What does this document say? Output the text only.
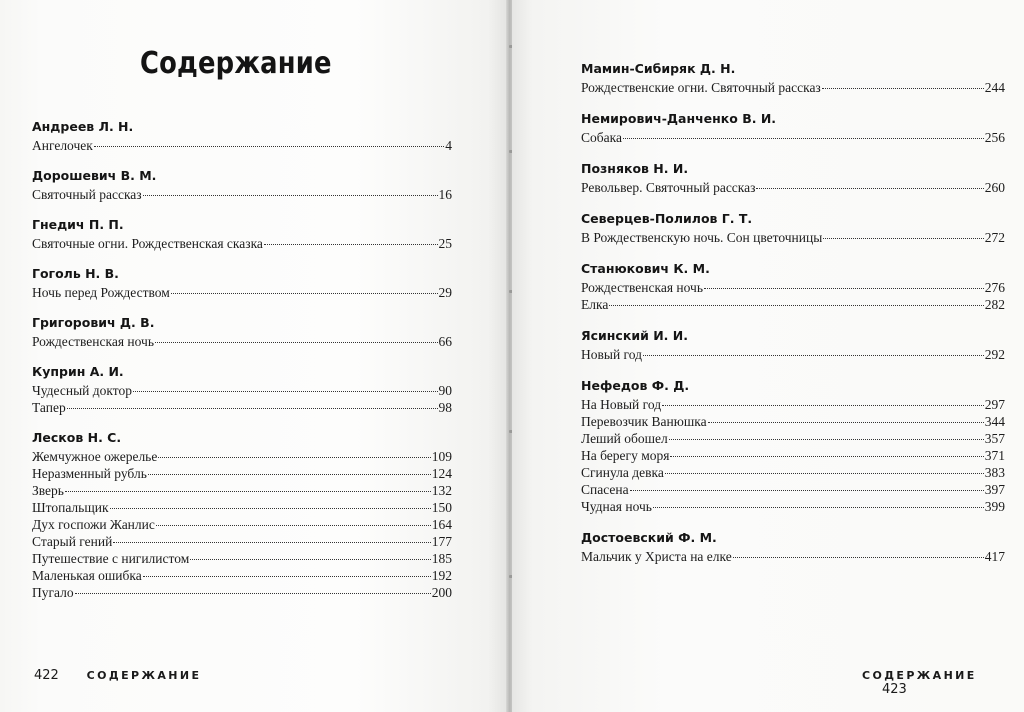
Содержание
Андреев Л. Н.
Ангелочек	4
Дорошевич В. М.
Святочный рассказ	16
Гнедич П. П.
Святочные огни. Рождественская сказка	25
Гоголь Н. В.
Ночь перед Рождеством	29
Григорович Д. В.
Рождественская ночь	66
Куприн А. И.
Чудесный доктор	90
Тапер	98
Лесков Н. С.
Жемчужное ожерелье	109
Неразменный рубль	124
Зверь	132
Штопальщик	150
Дух госпожи Жанлис	164
Старый гений	177
Путешествие с нигилистом	185
Маленькая ошибка	192
Пугало	200
422	СОДЕРЖАНИЕ
Мамин-Сибиряк Д. Н.
Рождественские огни. Святочный рассказ	244
Немирович-Данченко В. И.
Собака	256
Позняков Н. И.
Револьвер. Святочный рассказ	260
Северцев-Полилов Г. Т.
В Рождественскую ночь. Сон цветочницы	272
Станюкович К. М.
Рождественская ночь	276
Елка	282
Ясинский И. И.
Новый год	292
Нефедов Ф. Д.
На Новый год	297
Перевозчик Ванюшка	344
Леший обошел	357
На берегу моря	371
Сгинула девка	383
Спасена	397
Чудная ночь	399
Достоевский Ф. М.
Мальчик у Христа на елке	417
СОДЕРЖАНИЕ 423
